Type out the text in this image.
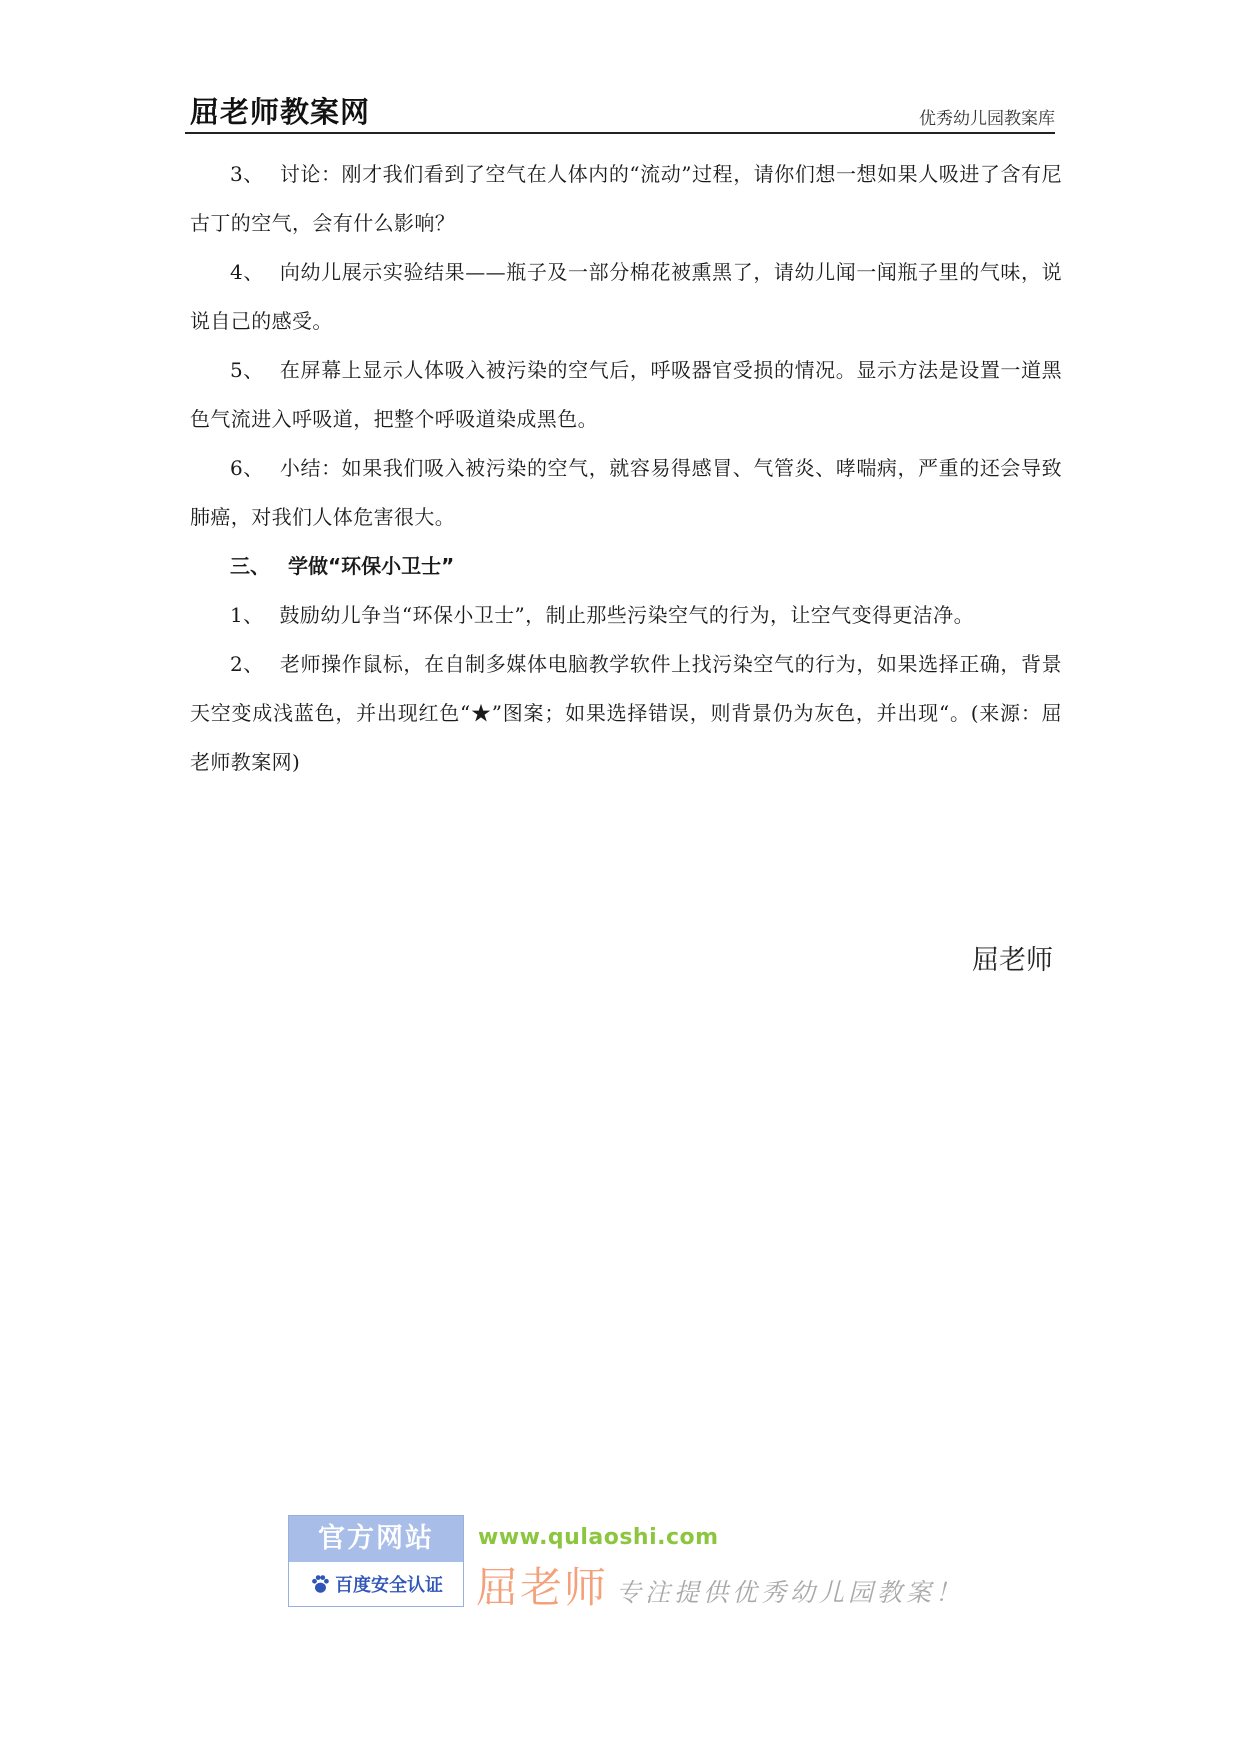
屈老师教案网	优秀幼儿园教案库

3、 讨论：刚才我们看到了空气在人体内的“流动”过程，请你们想一想如果人吸进了含有尼古丁的空气，会有什么影响？

4、 向幼儿展示实验结果——瓶子及一部分棉花被熏黑了，请幼儿闻一闻瓶子里的气味，说说自己的感受。

5、 在屏幕上显示人体吸入被污染的空气后，呼吸器官受损的情况。显示方法是设置一道黑色气流进入呼吸道，把整个呼吸道染成黑色。

6、 小结：如果我们吸入被污染的空气，就容易得感冒、气管炎、哮喘病，严重的还会导致肺癌，对我们人体危害很大。

三、 学做“环保小卫士”

1、 鼓励幼儿争当“环保小卫士”，制止那些污染空气的行为，让空气变得更洁净。

2、 老师操作鼠标，在自制多媒体电脑教学软件上找污染空气的行为，如果选择正确，背景天空变成浅蓝色，并出现红色“★”图案；如果选择错误，则背景仍为灰色，并出现“。(来源：屈老师教案网)

屈老师
官方网站
百度安全认证
www.qulaoshi.com
屈老师 专注提供优秀幼儿园教案！
